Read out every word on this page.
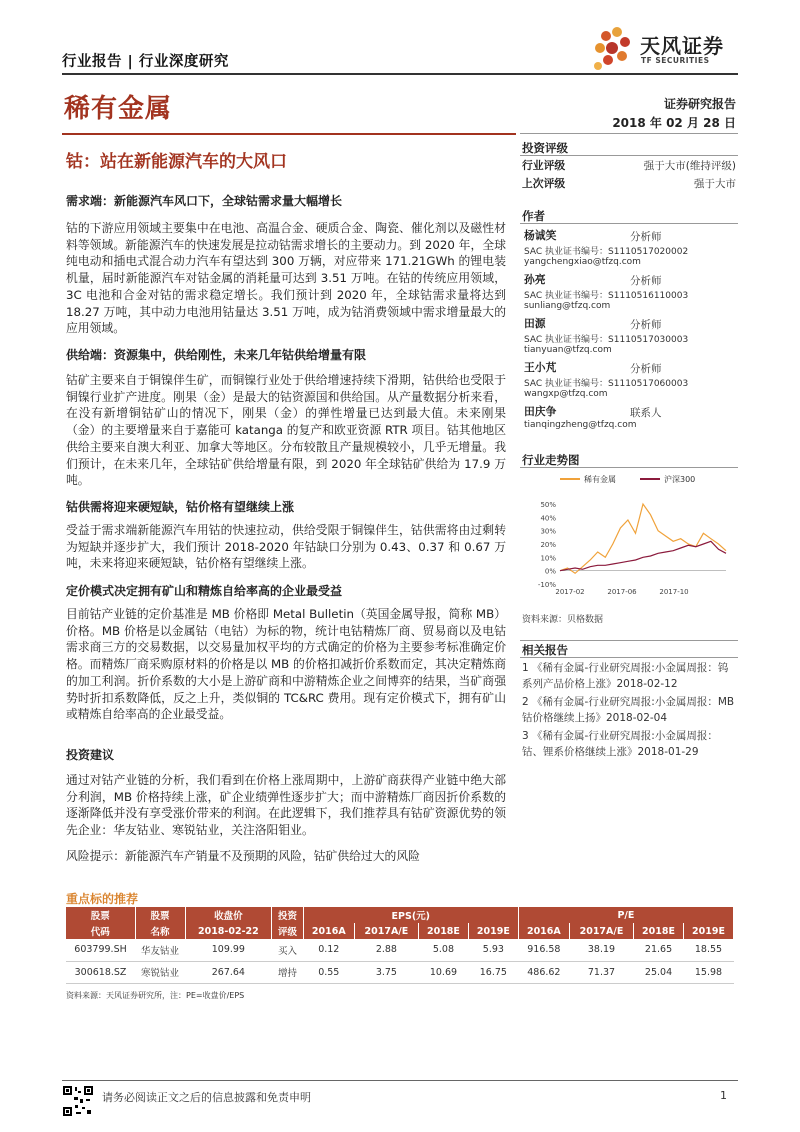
行业报告 | 行业深度研究
天风证券
TF SECURITIES
稀有金属	证券研究报告
2018 年 02 月 28 日
钴：站在新能源汽车的大风口
需求端：新能源汽车风口下，全球钴需求量大幅增长
钴的下游应用领域主要集中在电池、高温合金、硬质合金、陶瓷、催化剂以及磁性材料等领域。新能源汽车的快速发展是拉动钴需求增长的主要动力。到 2020 年，全球纯电动和插电式混合动力汽车有望达到 300 万辆，对应带来 171.21GWh 的锂电装机量，届时新能源汽车对钴金属的消耗量可达到 3.51 万吨。在钴的传统应用领域，3C 电池和合金对钴的需求稳定增长。我们预计到 2020 年，全球钴需求量将达到 18.27 万吨，其中动力电池用钴量达 3.51 万吨，成为钴消费领域中需求增量最大的应用领域。
供给端：资源集中，供给刚性，未来几年钴供给增量有限
钴矿主要来自于铜镍伴生矿，而铜镍行业处于供给增速持续下滑期，钴供给也受限于铜镍行业扩产进度。刚果（金）是最大的钴资源国和供给国。从产量数据分析来看，在没有新增铜钴矿山的情况下，刚果（金）的弹性增量已达到最大值。未来刚果（金）的主要增量来自于嘉能可 katanga 的复产和欧亚资源 RTR 项目。钴其他地区供给主要来自澳大利亚、加拿大等地区。分布较散且产量规模较小，几乎无增量。我们预计，在未来几年，全球钴矿供给增量有限，到 2020 年全球钴矿供给为 17.9 万吨。
钴供需将迎来硬短缺，钴价格有望继续上涨
受益于需求端新能源汽车用钴的快速拉动，供给受限于铜镍伴生，钴供需将由过剩转为短缺并逐步扩大，我们预计 2018-2020 年钴缺口分别为 0.43、0.37 和 0.67 万吨，未来将迎来硬短缺，钴价格有望继续上涨。
定价模式决定拥有矿山和精炼自给率高的企业最受益
目前钴产业链的定价基准是 MB 价格即 Metal Bulletin（英国金属导报，简称 MB）价格。MB 价格是以金属钴（电钴）为标的物，统计电钴精炼厂商、贸易商以及电钴需求商三方的交易数据，以交易量加权平均的方式确定的价格为主要参考标准确定价格。而精炼厂商采购原材料的价格是以 MB 的价格扣减折价系数而定，其决定精炼商的加工利润。折价系数的大小是上游矿商和中游精炼企业之间博弈的结果，当矿商强势时折扣系数降低，反之上升，类似铜的 TC&RC 费用。现有定价模式下，拥有矿山或精炼自给率高的企业最受益。
投资建议
通过对钴产业链的分析，我们看到在价格上涨周期中，上游矿商获得产业链中绝大部分利润，MB 价格持续上涨，矿企业绩弹性逐步扩大；而中游精炼厂商因折价系数的逐渐降低并没有享受涨价带来的利润。在此逻辑下，我们推荐具有钴矿资源优势的领先企业：华友钴业、寒锐钴业，关注洛阳钼业。
风险提示：新能源汽车产销量不及预期的风险，钴矿供给过大的风险
投资评级
行业评级	强于大市(维持评级)
上次评级	强于大市
作者
杨诚笑	分析师
SAC 执业证书编号：S1110517020002
yangchengxiao@tfzq.com
孙亮	分析师
SAC 执业证书编号：S1110516110003
sunliang@tfzq.com
田源	分析师
SAC 执业证书编号：S1110517030003
tianyuan@tfzq.com
王小芃	分析师
SAC 执业证书编号：S1110517060003
wangxp@tfzq.com
田庆争	联系人
tianqingzheng@tfzq.com
行业走势图
稀有金属	沪深300
50%
40%
30%
20%
10%
0%
-10%
2017-02	2017-06	2017-10
资料来源：贝格数据
相关报告
1 《稀有金属-行业研究周报:小金属周报：钨系列产品价格上涨》2018-02-12
2 《稀有金属-行业研究周报:小金属周报：MB 钴价格继续上扬》2018-02-04
3 《稀有金属-行业研究周报:小金属周报：钴、锂系价格继续上涨》2018-01-29
重点标的推荐
股票	股票	收盘价	投资	EPS(元)				P/E			
代码	名称	2018-02-22	评级	2016A	2017A/E	2018E	2019E	2016A	2017A/E	2018E	2019E
603799.SH	华友钴业	109.99	买入	0.12	2.88	5.08	5.93	916.58	38.19	21.65	18.55
300618.SZ	寒锐钴业	267.64	增持	0.55	3.75	10.69	16.75	486.62	71.37	25.04	15.98
资料来源：天风证券研究所，注：PE=收盘价/EPS
请务必阅读正文之后的信息披露和免责申明	1
